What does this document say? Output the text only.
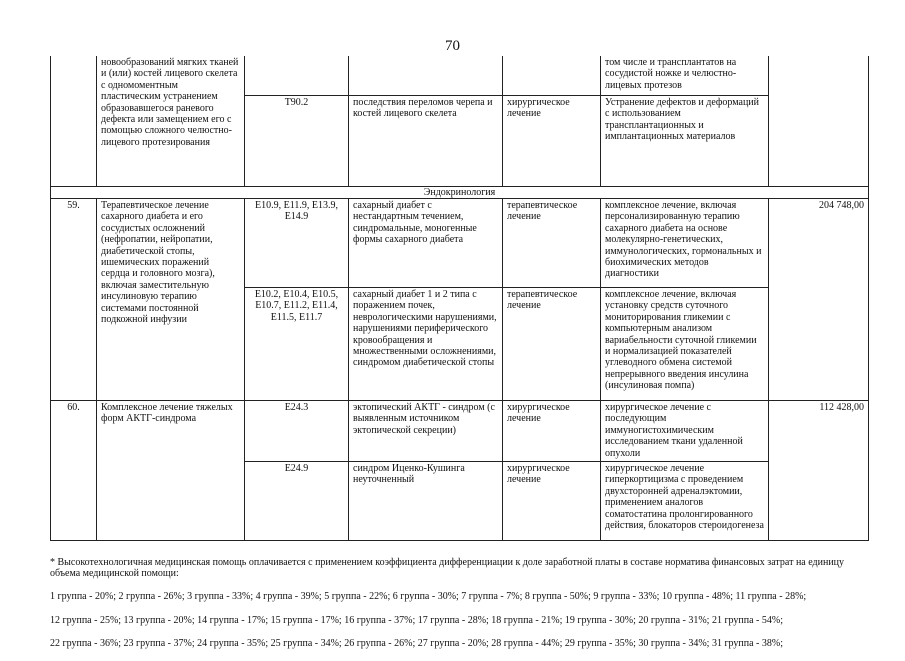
70
	новообразований мягких тканей и (или) костей лицевого скелета с одномоментным пластическим устранением образовавшегося раневого дефекта или замещением его с помощью сложного челюстно-лицевого протезирования				том числе и трансплантатов на сосудистой ножке и челюстно-лицевых протезов	
		T90.2	последствия переломов черепа и костей лицевого скелета	хирургическое лечение	Устранение дефектов и деформаций с использованием трансплантационных и имплантационных материалов	
Эндокринология						
59.	Терапевтическое лечение сахарного диабета и его сосудистых осложнений (нефропатии, нейропатии, диабетической стопы, ишемических поражений сердца и головного мозга), включая заместительную инсулиновую терапию системами постоянной подкожной инфузии	E10.9, E11.9, E13.9, E14.9	сахарный диабет с нестандартным течением, синдромальные, моногенные формы сахарного диабета	терапевтическое лечение	комплексное лечение, включая персонализированную терапию сахарного диабета на основе молекулярно-генетических, иммунологических, гормональных и биохимических методов диагностики	204 748,00
		E10.2, E10.4, E10.5, E10.7, E11.2, E11.4, E11.5, E11.7	сахарный диабет 1 и 2 типа с поражением почек, неврологическими нарушениями, нарушениями периферического кровообращения и множественными осложнениями, синдромом диабетической стопы	терапевтическое лечение	комплексное лечение, включая установку средств суточного мониторирования гликемии с компьютерным анализом вариабельности суточной гликемии и нормализацией показателей углеводного обмена системой непрерывного введения инсулина (инсулиновая помпа)	
60.	Комплексное лечение тяжелых форм АКТГ-синдрома	E24.3	эктопический АКТГ - синдром (с выявленным источником эктопической секреции)	хирургическое лечение	хирургическое лечение с последующим иммуногистохимическим исследованием ткани удаленной опухоли	112 428,00
		E24.9	синдром Иценко-Кушинга неуточненный	хирургическое лечение	хирургическое лечение гиперкортицизма с проведением двухсторонней адреналэктомии, применением аналогов соматостатина пролонгированного действия, блокаторов стероидогенеза	

* Высокотехнологичная медицинская помощь оплачивается с применением коэффициента дифференциации к доле заработной платы в составе норматива финансовых затрат на единицу объема медицинской помощи:

1 группа - 20%; 2 группа - 26%; 3 группа - 33%; 4 группа - 39%; 5 группа - 22%; 6 группа - 30%; 7 группа - 7%; 8 группа - 50%; 9 группа - 33%; 10 группа - 48%; 11 группа - 28%;

12 группа - 25%; 13 группа - 20%; 14 группа - 17%; 15 группа - 17%; 16 группа - 37%; 17 группа - 28%; 18 группа - 21%; 19 группа - 30%; 20 группа - 31%; 21 группа - 54%;

22 группа - 36%; 23 группа - 37%; 24 группа - 35%; 25 группа - 34%; 26 группа - 26%; 27 группа - 20%; 28 группа - 44%; 29 группа - 35%; 30 группа - 34%; 31 группа - 38%;
